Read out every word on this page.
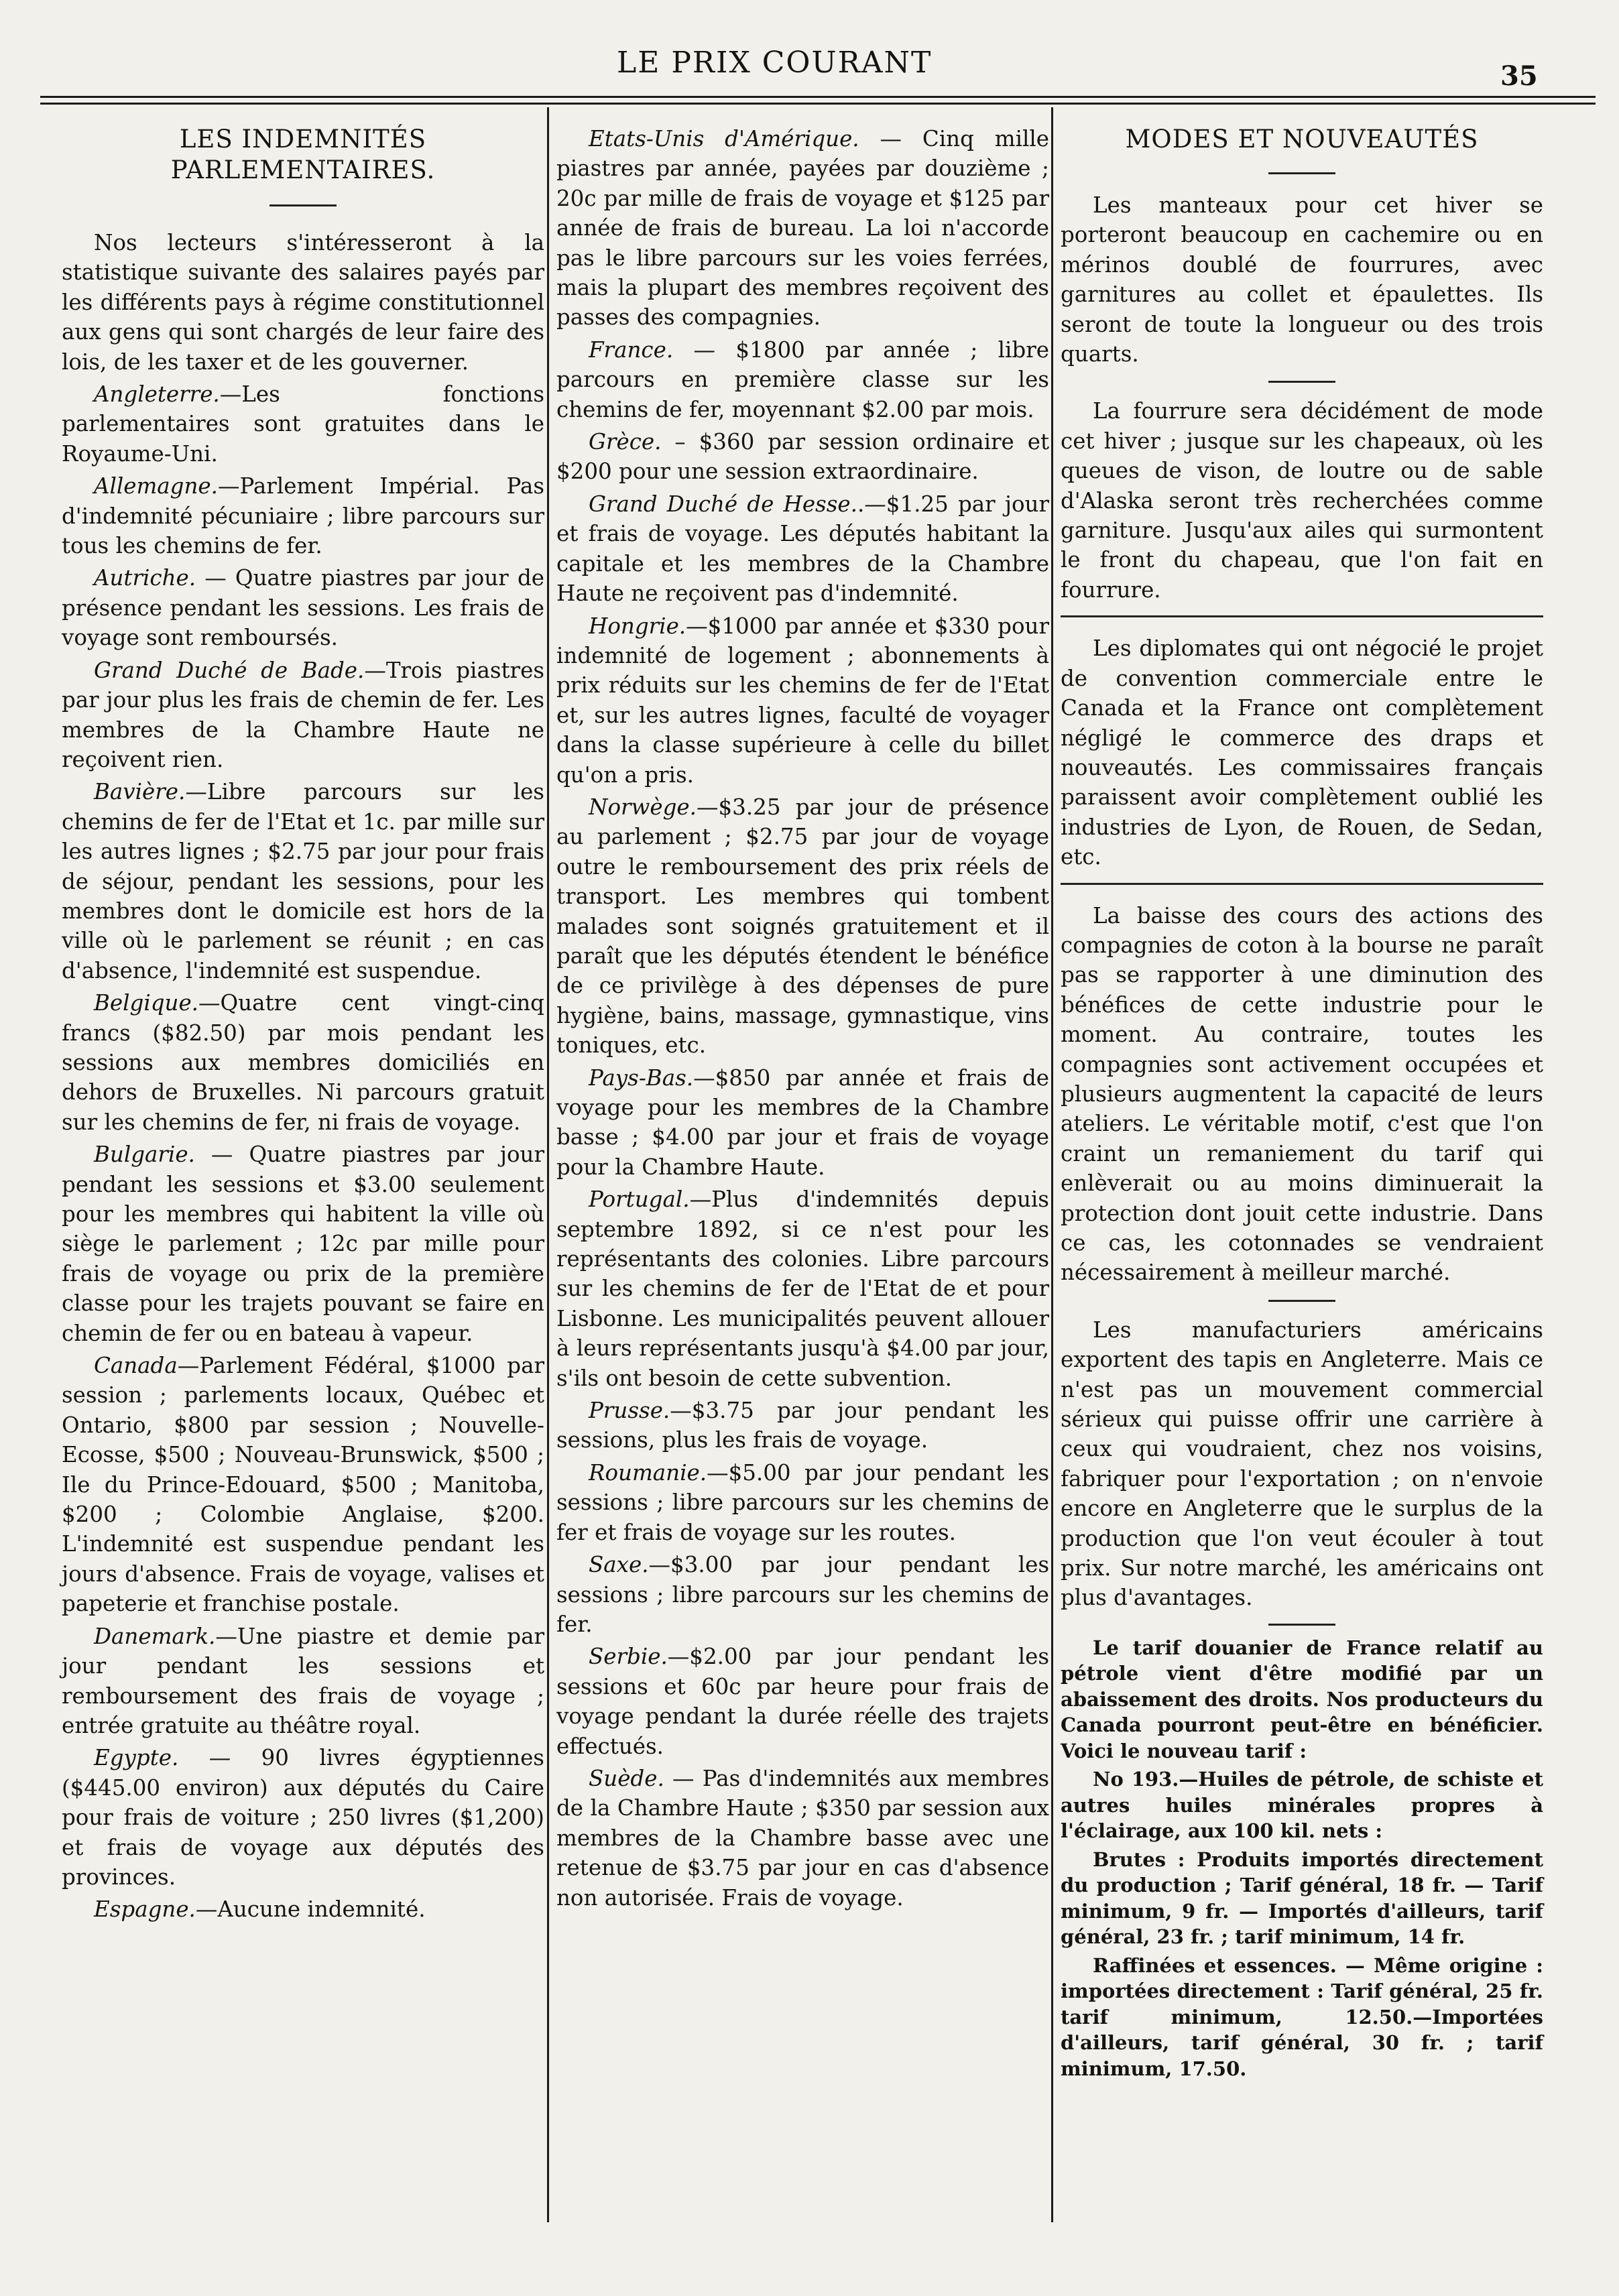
LE PRIX COURANT	35
LES INDEMNITÉS PARLEMENTAIRES.

Nos lecteurs s'intéresseront à la statistique suivante des salaires payés par les différents pays à régime constitutionnel aux gens qui sont chargés de leur faire des lois, de les taxer et de les gouverner.

Angleterre.—Les fonctions parlementaires sont gratuites dans le Royaume-Uni.

Allemagne.—Parlement Impérial. Pas d'indemnité pécuniaire ; libre parcours sur tous les chemins de fer.

Autriche. — Quatre piastres par jour de présence pendant les sessions. Les frais de voyage sont remboursés.

Grand Duché de Bade.—Trois piastres par jour plus les frais de chemin de fer. Les membres de la Chambre Haute ne reçoivent rien.

Bavière.—Libre parcours sur les chemins de fer de l'Etat et 1c. par mille sur les autres lignes ; $2.75 par jour pour frais de séjour, pendant les sessions, pour les membres dont le domicile est hors de la ville où le parlement se réunit ; en cas d'absence, l'indemnité est suspendue.

Belgique.—Quatre cent vingt-cinq francs ($82.50) par mois pendant les sessions aux membres domiciliés en dehors de Bruxelles. Ni parcours gratuit sur les chemins de fer, ni frais de voyage.

Bulgarie. — Quatre piastres par jour pendant les sessions et $3.00 seulement pour les membres qui habitent la ville où siège le parlement ; 12c par mille pour frais de voyage ou prix de la première classe pour les trajets pouvant se faire en chemin de fer ou en bateau à vapeur.

Canada—Parlement Fédéral, $1000 par session ; parlements locaux, Québec et Ontario, $800 par session ; Nouvelle-Ecosse, $500 ; Nouveau-Brunswick, $500 ; Ile du Prince-Edouard, $500 ; Manitoba, $200 ; Colombie Anglaise, $200. L'indemnité est suspendue pendant les jours d'absence. Frais de voyage, valises et papeterie et franchise postale.

Danemark.—Une piastre et demie par jour pendant les sessions et remboursement des frais de voyage ; entrée gratuite au théâtre royal.

Egypte. — 90 livres égyptiennes ($445.00 environ) aux députés du Caire pour frais de voiture ; 250 livres ($1,200) et frais de voyage aux députés des provinces.

Espagne.—Aucune indemnité.

Etats-Unis d'Amérique. — Cinq mille piastres par année, payées par douzième ; 20c par mille de frais de voyage et $125 par année de frais de bureau. La loi n'accorde pas le libre parcours sur les voies ferrées, mais la plupart des membres reçoivent des passes des compagnies.

France. — $1800 par année ; libre parcours en première classe sur les chemins de fer, moyennant $2.00 par mois.

Grèce. – $360 par session ordinaire et $200 pour une session extraordinaire.

Grand Duché de Hesse..—$1.25 par jour et frais de voyage. Les députés habitant la capitale et les membres de la Chambre Haute ne reçoivent pas d'indemnité.

Hongrie.—$1000 par année et $330 pour indemnité de logement ; abonnements à prix réduits sur les chemins de fer de l'Etat et, sur les autres lignes, faculté de voyager dans la classe supérieure à celle du billet qu'on a pris.

Norwège.—$3.25 par jour de présence au parlement ; $2.75 par jour de voyage outre le remboursement des prix réels de transport. Les membres qui tombent malades sont soignés gratuitement et il paraît que les députés étendent le bénéfice de ce privilège à des dépenses de pure hygiène, bains, massage, gymnastique, vins toniques, etc.

Pays-Bas.—$850 par année et frais de voyage pour les membres de la Chambre basse ; $4.00 par jour et frais de voyage pour la Chambre Haute.

Portugal.—Plus d'indemnités depuis septembre 1892, si ce n'est pour les représentants des colonies. Libre parcours sur les chemins de fer de l'Etat de et pour Lisbonne. Les municipalités peuvent allouer à leurs représentants jusqu'à $4.00 par jour, s'ils ont besoin de cette subvention.

Prusse.—$3.75 par jour pendant les sessions, plus les frais de voyage.

Roumanie.—$5.00 par jour pendant les sessions ; libre parcours sur les chemins de fer et frais de voyage sur les routes.

Saxe.—$3.00 par jour pendant les sessions ; libre parcours sur les chemins de fer.

Serbie.—$2.00 par jour pendant les sessions et 60c par heure pour frais de voyage pendant la durée réelle des trajets effectués.

Suède. — Pas d'indemnités aux membres de la Chambre Haute ; $350 par session aux membres de la Chambre basse avec une retenue de $3.75 par jour en cas d'absence non autorisée. Frais de voyage.

MODES ET NOUVEAUTÉS

Les manteaux pour cet hiver se porteront beaucoup en cachemire ou en mérinos doublé de fourrures, avec garnitures au collet et épaulettes. Ils seront de toute la longueur ou des trois quarts.

La fourrure sera décidément de mode cet hiver ; jusque sur les chapeaux, où les queues de vison, de loutre ou de sable d'Alaska seront très recherchées comme garniture. Jusqu'aux ailes qui surmontent le front du chapeau, que l'on fait en fourrure.

Les diplomates qui ont négocié le projet de convention commerciale entre le Canada et la France ont complètement négligé le commerce des draps et nouveautés. Les commissaires français paraissent avoir complètement oublié les industries de Lyon, de Rouen, de Sedan, etc.

La baisse des cours des actions des compagnies de coton à la bourse ne paraît pas se rapporter à une diminution des bénéfices de cette industrie pour le moment. Au contraire, toutes les compagnies sont activement occupées et plusieurs augmentent la capacité de leurs ateliers. Le véritable motif, c'est que l'on craint un remaniement du tarif qui enlèverait ou au moins diminuerait la protection dont jouit cette industrie. Dans ce cas, les cotonnades se vendraient nécessairement à meilleur marché.

Les manufacturiers américains exportent des tapis en Angleterre. Mais ce n'est pas un mouvement commercial sérieux qui puisse offrir une carrière à ceux qui voudraient, chez nos voisins, fabriquer pour l'exportation ; on n'envoie encore en Angleterre que le surplus de la production que l'on veut écouler à tout prix. Sur notre marché, les américains ont plus d'avantages.

Le tarif douanier de France relatif au pétrole vient d'être modifié par un abaissement des droits. Nos producteurs du Canada pourront peut-être en bénéficier. Voici le nouveau tarif :

No 193.—Huiles de pétrole, de schiste et autres huiles minérales propres à l'éclairage, aux 100 kil. nets :

Brutes : Produits importés directement du production ; Tarif général, 18 fr. — Tarif minimum, 9 fr. — Importés d'ailleurs, tarif général, 23 fr. ; tarif minimum, 14 fr.

Raffinées et essences. — Même origine : importées directement : Tarif général, 25 fr. tarif minimum, 12.50.—Importées d'ailleurs, tarif général, 30 fr. ; tarif minimum, 17.50.
